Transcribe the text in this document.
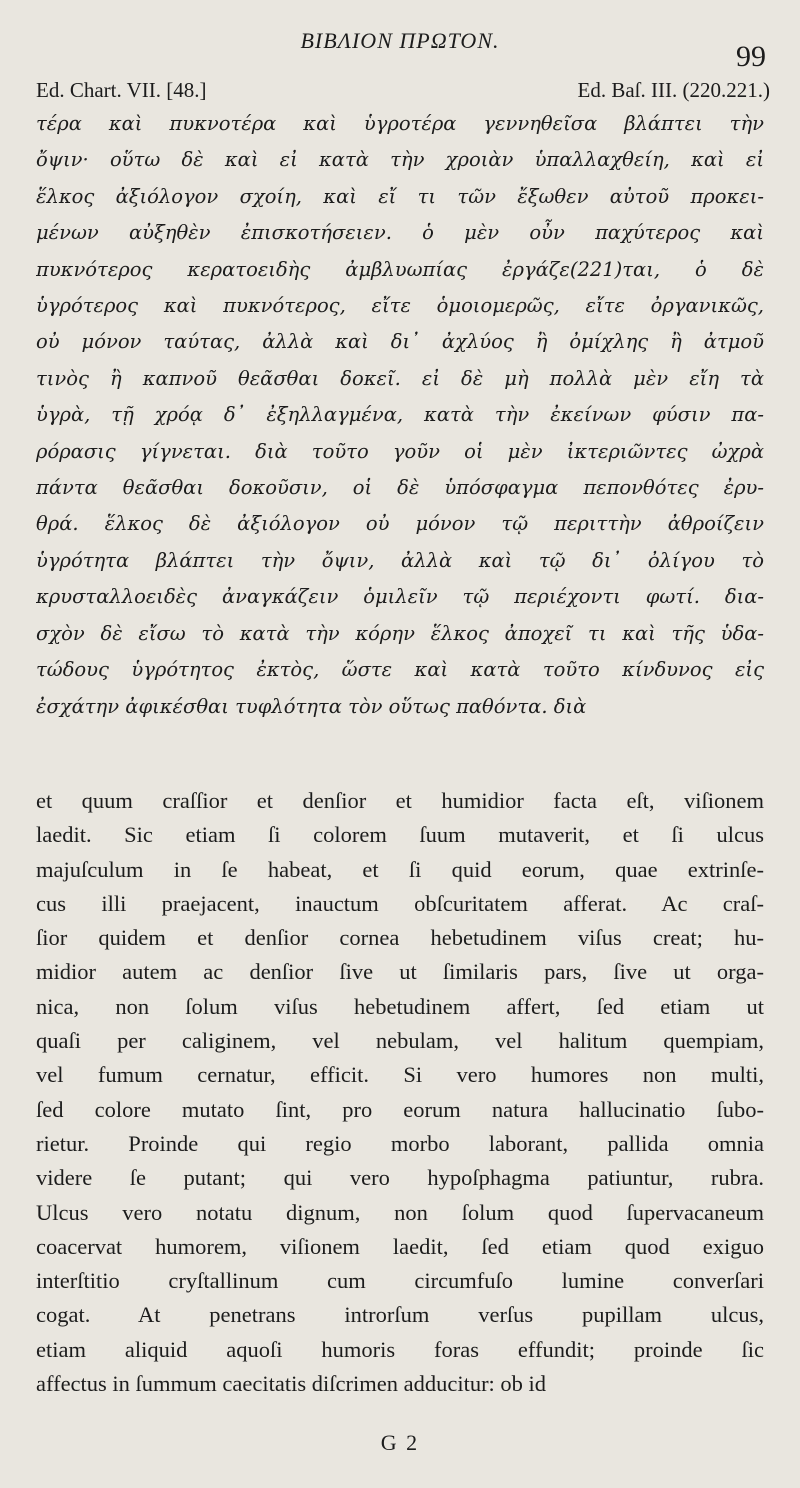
ΒΙΒΛΙΟΝ ΠΡΩΤΟΝ.	99
Ed. Chart. VII. [48.]	Ed. Baſ. III. (220.221.)
τέρα καὶ πυκνοτέρα καὶ ὑγροτέρα γεννηθεῖσα βλάπτει τὴν
ὄψιν· οὕτω δὲ καὶ εἰ κατὰ τὴν χροιὰν ὑπαλλαχθείη, καὶ εἰ
ἕλκος ἀξιόλογον σχοίη, καὶ εἴ τι τῶν ἔξωθεν αὐτοῦ προκει-
μένων αὐξηθὲν ἐπισκοτήσειεν. ὁ μὲν οὖν παχύτερος καὶ
πυκνότερος κερατοειδὴς ἀμβλυωπίας ἐργάζε(221)ται, ὁ δὲ
ὑγρότερος καὶ πυκνότερος, εἴτε ὁμοιομερῶς, εἴτε ὀργανικῶς,
οὐ μόνον ταύτας, ἀλλὰ καὶ δι᾽ ἀχλύος ἢ ὀμίχλης ἢ ἀτμοῦ
τινὸς ἢ καπνοῦ θεᾶσθαι δοκεῖ. εἰ δὲ μὴ πολλὰ μὲν εἴη τὰ
ὑγρὰ, τῇ χρόᾳ δ᾽ ἐξηλλαγμένα, κατὰ τὴν ἐκείνων φύσιν πα-
ρόρασις γίγνεται. διὰ τοῦτο γοῦν οἱ μὲν ἰκτεριῶντες ὠχρὰ
πάντα θεᾶσθαι δοκοῦσιν, οἱ δὲ ὑπόσφαγμα πεπονθότες ἐρυ-
θρά. ἕλκος δὲ ἀξιόλογον οὐ μόνον τῷ περιττὴν ἀθροίζειν
ὑγρότητα βλάπτει τὴν ὄψιν, ἀλλὰ καὶ τῷ δι᾽ ὀλίγου τὸ
κρυσταλλοειδὲς ἀναγκάζειν ὁμιλεῖν τῷ περιέχοντι φωτί. δια-
σχὸν δὲ εἴσω τὸ κατὰ τὴν κόρην ἕλκος ἀποχεῖ τι καὶ τῆς ὑδα-
τώδους ὑγρότητος ἐκτὸς, ὥστε καὶ κατὰ τοῦτο κίνδυνος εἰς
ἐσχάτην ἀφικέσθαι τυφλότητα τὸν οὕτως παθόντα. διὰ
et quum craſſior et denſior et humidior facta eſt, viſionem
laedit. Sic etiam ſi colorem ſuum mutaverit, et ſi ulcus
majuſculum in ſe habeat, et ſi quid eorum, quae extrinſe-
cus illi praejacent, inauctum obſcuritatem afferat. Ac craſ-
ſior quidem et denſior cornea hebetudinem viſus creat; hu-
midior autem ac denſior ſive ut ſimilaris pars, ſive ut orga-
nica, non ſolum viſus hebetudinem affert, ſed etiam ut
quaſi per caliginem, vel nebulam, vel halitum quempiam,
vel fumum cernatur, efficit. Si vero humores non multi,
ſed colore mutato ſint, pro eorum natura hallucinatio ſubo-
rietur. Proinde qui regio morbo laborant, pallida omnia
videre ſe putant; qui vero hypoſphagma patiuntur, rubra.
Ulcus vero notatu dignum, non ſolum quod ſupervacaneum
coacervat humorem, viſionem laedit, ſed etiam quod exiguo
interſtitio cryſtallinum cum circumfuſo lumine converſari
cogat. At penetrans introrſum verſus pupillam ulcus,
etiam aliquid aquoſi humoris foras effundit; proinde ſic
affectus in ſummum caecitatis diſcrimen adducitur: ob id
G 2
